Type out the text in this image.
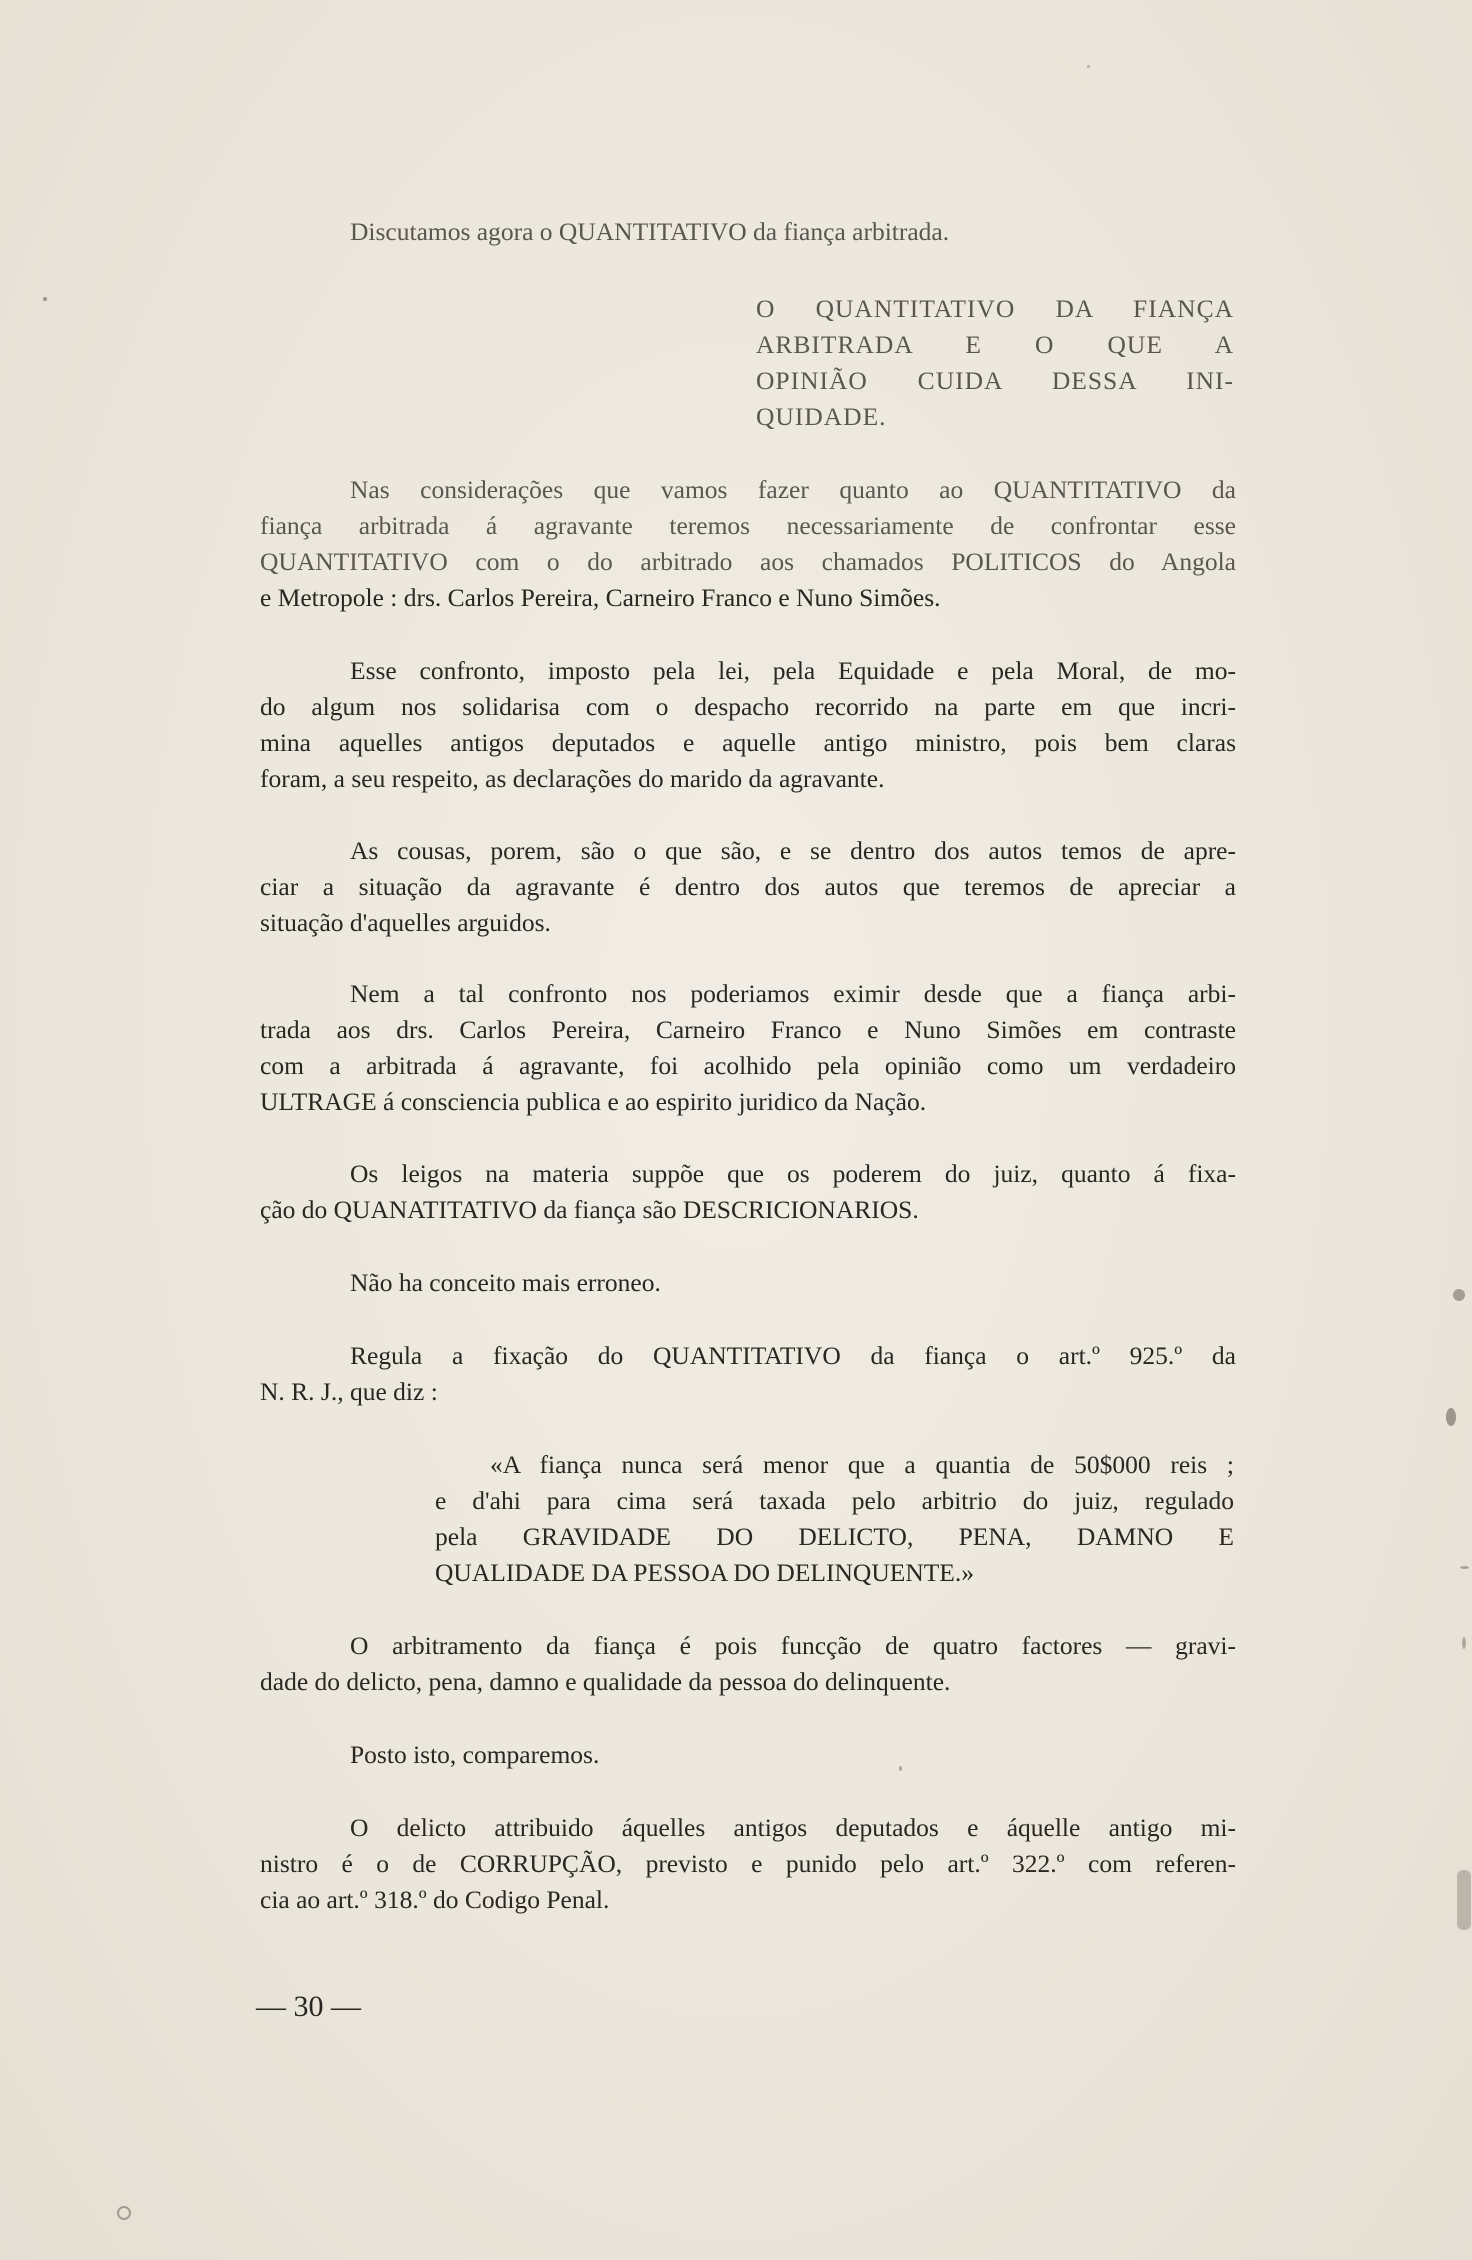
Discutamos agora o QUANTITATIVO da fiança arbitrada.
O QUANTITATIVO DA FIANÇA
ARBITRADA E O QUE A
OPINIÃO CUIDA DESSA INI-
QUIDADE.
Nas considerações que vamos fazer quanto ao QUANTITATIVO da
fiança arbitrada á agravante teremos necessariamente de confrontar esse
QUANTITATIVO com o do arbitrado aos chamados POLITICOS do Angola
e Metropole : drs. Carlos Pereira, Carneiro Franco e Nuno Simões.
Esse confronto, imposto pela lei, pela Equidade e pela Moral, de mo-
do algum nos solidarisa com o despacho recorrido na parte em que incri-
mina aquelles antigos deputados e aquelle antigo ministro, pois bem claras
foram, a seu respeito, as declarações do marido da agravante.
As cousas, porem, são o que são, e se dentro dos autos temos de apre-
ciar a situação da agravante é dentro dos autos que teremos de apreciar a
situação d'aquelles arguidos.
Nem a tal confronto nos poderiamos eximir desde que a fiança arbi-
trada aos drs. Carlos Pereira, Carneiro Franco e Nuno Simões em contraste
com a arbitrada á agravante, foi acolhido pela opinião como um verdadeiro
ULTRAGE á consciencia publica e ao espirito juridico da Nação.
Os leigos na materia suppõe que os poderem do juiz, quanto á fixa-
ção do QUANATITATIVO da fiança são DESCRICIONARIOS.
Não ha conceito mais erroneo.
Regula a fixação do QUANTITATIVO da fiança o art.º 925.º da
N. R. J., que diz :
«A fiança nunca será menor que a quantia de 50$000 reis ;
e d'ahi para cima será taxada pelo arbitrio do juiz, regulado
pela GRAVIDADE DO DELICTO, PENA, DAMNO E
QUALIDADE DA PESSOA DO DELINQUENTE.»
O arbitramento da fiança é pois funcção de quatro factores — gravi-
dade do delicto, pena, damno e qualidade da pessoa do delinquente.
Posto isto, comparemos.
O delicto attribuido áquelles antigos deputados e áquelle antigo mi-
nistro é o de CORRUPÇÃO, previsto e punido pelo art.º 322.º com referen-
cia ao art.º 318.º do Codigo Penal.
— 30 —
